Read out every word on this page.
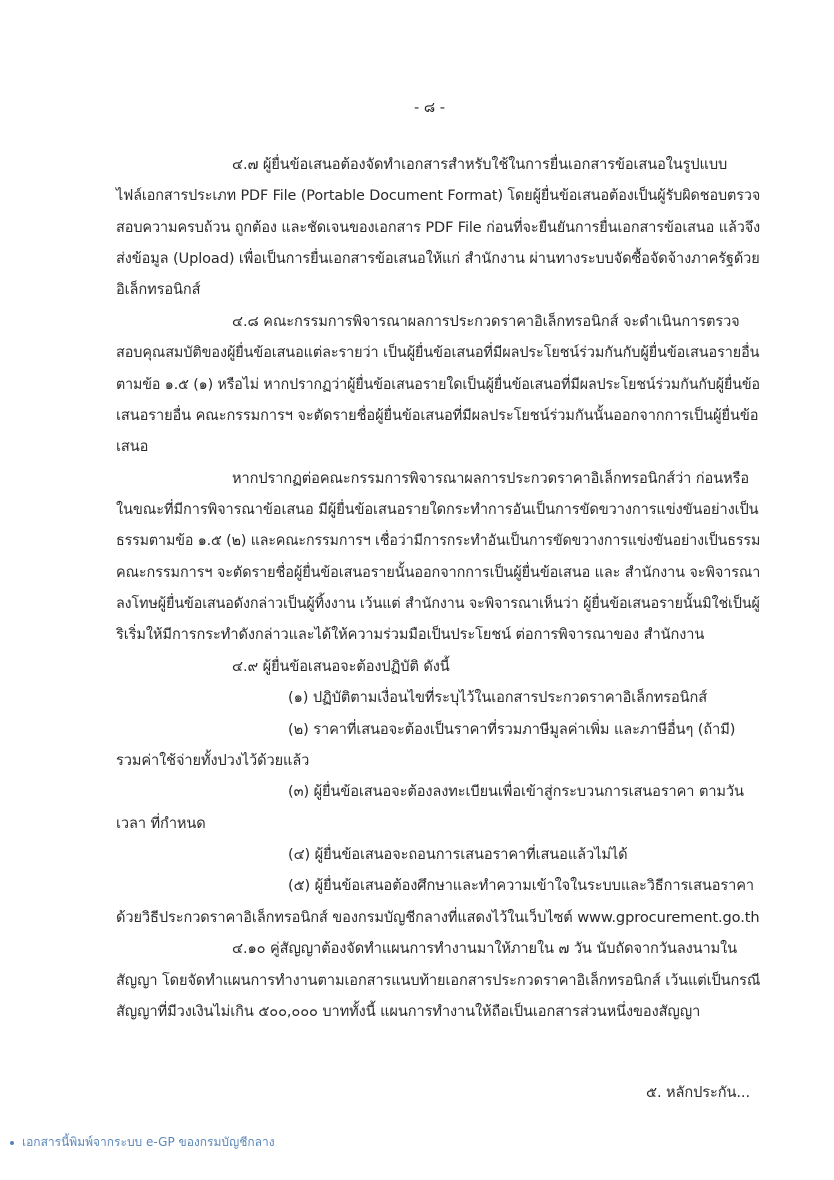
- ๘ -
๔.๗ ผู้ยื่นข้อเสนอต้องจัดทำเอกสารสำหรับใช้ในการยื่นเอกสารข้อเสนอในรูปแบบ
ไฟล์เอกสารประเภท PDF File (Portable Document Format) โดยผู้ยื่นข้อเสนอต้องเป็นผู้รับผิดชอบตรวจ
สอบความครบถ้วน ถูกต้อง และชัดเจนของเอกสาร PDF File ก่อนที่จะยืนยันการยื่นเอกสารข้อเสนอ แล้วจึง
ส่งข้อมูล (Upload) เพื่อเป็นการยื่นเอกสารข้อเสนอให้แก่ สำนักงาน ผ่านทางระบบจัดซื้อจัดจ้างภาครัฐด้วย
อิเล็กทรอนิกส์
๔.๘ คณะกรรมการพิจารณาผลการประกวดราคาอิเล็กทรอนิกส์ จะดำเนินการตรวจ
สอบคุณสมบัติของผู้ยื่นข้อเสนอแต่ละรายว่า เป็นผู้ยื่นข้อเสนอที่มีผลประโยชน์ร่วมกันกับผู้ยื่นข้อเสนอรายอื่น
ตามข้อ ๑.๕ (๑) หรือไม่ หากปรากฏว่าผู้ยื่นข้อเสนอรายใดเป็นผู้ยื่นข้อเสนอที่มีผลประโยชน์ร่วมกันกับผู้ยื่นข้อ
เสนอรายอื่น คณะกรรมการฯ จะตัดรายชื่อผู้ยื่นข้อเสนอที่มีผลประโยชน์ร่วมกันนั้นออกจากการเป็นผู้ยื่นข้อ
เสนอ
หากปรากฏต่อคณะกรรมการพิจารณาผลการประกวดราคาอิเล็กทรอนิกส์ว่า ก่อนหรือ
ในขณะที่มีการพิจารณาข้อเสนอ มีผู้ยื่นข้อเสนอรายใดกระทำการอันเป็นการขัดขวางการแข่งขันอย่างเป็น
ธรรมตามข้อ ๑.๕ (๒) และคณะกรรมการฯ เชื่อว่ามีการกระทำอันเป็นการขัดขวางการแข่งขันอย่างเป็นธรรม
คณะกรรมการฯ จะตัดรายชื่อผู้ยื่นข้อเสนอรายนั้นออกจากการเป็นผู้ยื่นข้อเสนอ และ สำนักงาน จะพิจารณา
ลงโทษผู้ยื่นข้อเสนอดังกล่าวเป็นผู้ทิ้งงาน เว้นแต่ สำนักงาน จะพิจารณาเห็นว่า ผู้ยื่นข้อเสนอรายนั้นมิใช่เป็นผู้
ริเริ่มให้มีการกระทำดังกล่าวและได้ให้ความร่วมมือเป็นประโยชน์ ต่อการพิจารณาของ สำนักงาน
๔.๙ ผู้ยื่นข้อเสนอจะต้องปฏิบัติ ดังนี้
(๑) ปฏิบัติตามเงื่อนไขที่ระบุไว้ในเอกสารประกวดราคาอิเล็กทรอนิกส์
(๒) ราคาที่เสนอจะต้องเป็นราคาที่รวมภาษีมูลค่าเพิ่ม และภาษีอื่นๆ (ถ้ามี)
รวมค่าใช้จ่ายทั้งปวงไว้ด้วยแล้ว
(๓) ผู้ยื่นข้อเสนอจะต้องลงทะเบียนเพื่อเข้าสู่กระบวนการเสนอราคา ตามวัน
เวลา ที่กำหนด
(๔) ผู้ยื่นข้อเสนอจะถอนการเสนอราคาที่เสนอแล้วไม่ได้
(๕) ผู้ยื่นข้อเสนอต้องศึกษาและทำความเข้าใจในระบบและวิธีการเสนอราคา
ด้วยวิธีประกวดราคาอิเล็กทรอนิกส์ ของกรมบัญชีกลางที่แสดงไว้ในเว็บไซต์ www.gprocurement.go.th
๔.๑๐ คู่สัญญาต้องจัดทำแผนการทำงานมาให้ภายใน ๗ วัน นับถัดจากวันลงนามใน
สัญญา โดยจัดทำแผนการทำงานตามเอกสารแนบท้ายเอกสารประกวดราคาอิเล็กทรอนิกส์ เว้นแต่เป็นกรณี
สัญญาที่มีวงเงินไม่เกิน ๕๐๐,๐๐๐ บาททั้งนี้ แผนการทำงานให้ถือเป็นเอกสารส่วนหนึ่งของสัญญา
๕. หลักประกัน...
เอกสารนี้พิมพ์จากระบบ e-GP ของกรมบัญชีกลาง
